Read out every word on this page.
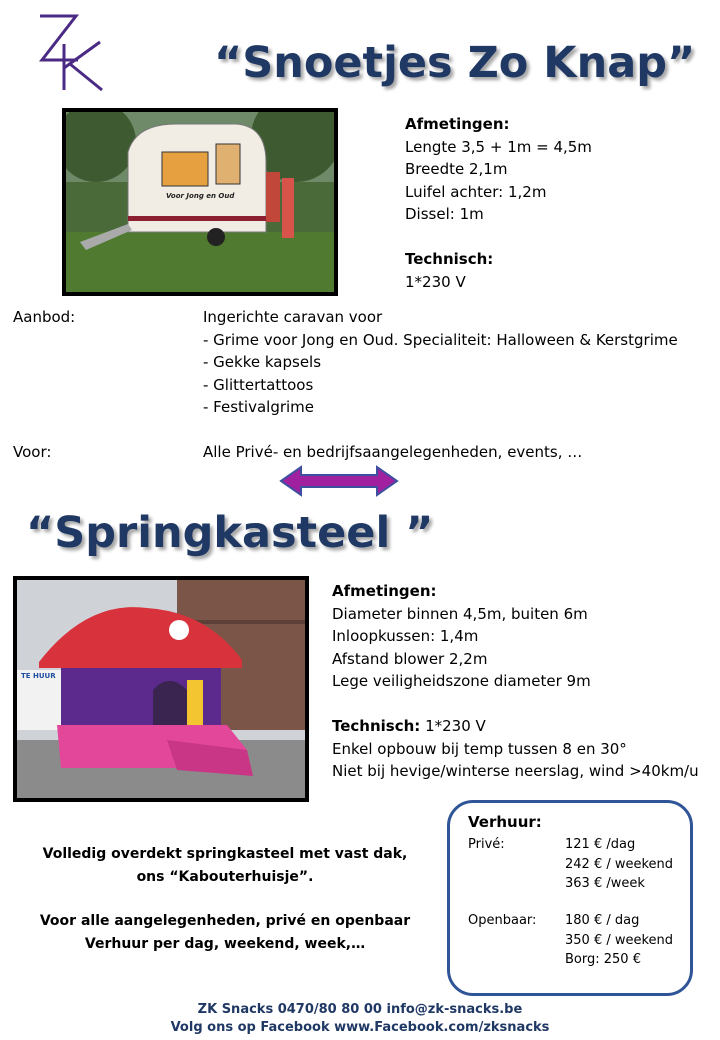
“Snoetjes Zo Knap”
Voor Jong en Oud
Afmetingen:
Lengte 3,5 + 1m = 4,5m
Breedte 2,1m
Luifel achter: 1,2m
Dissel: 1m

Technisch:
1*230 V
Aanbod:	Ingerichte caravan voor
- Grime voor Jong en Oud. Specialiteit: Halloween & Kerstgrime
- Gekke kapsels
- Glittertattoos
- Festivalgrime
Voor:	Alle Privé- en bedrijfsaangelegenheden, events, …
“Springkasteel ”
TE HUUR
Afmetingen:
Diameter binnen 4,5m, buiten 6m
Inloopkussen: 1,4m
Afstand blower 2,2m
Lege veiligheidszone diameter 9m

Technisch: 1*230 V
Enkel opbouw bij temp tussen 8 en 30°
Niet bij hevige/winterse neerslag, wind >40km/u
Volledig overdekt springkasteel met vast dak,
ons “Kabouterhuisje”.
Voor alle aangelegenheden, privé en openbaar
Verhuur per dag, weekend, week,…
Verhuur:
Privé:	121 € /dag
242 € / weekend
363 € /week
Openbaar: 180 € / dag
350 € / weekend
Borg: 250 €
ZK Snacks 0470/80 80 00 info@zk-snacks.be
Volg ons op Facebook www.Facebook.com/zksnacks
